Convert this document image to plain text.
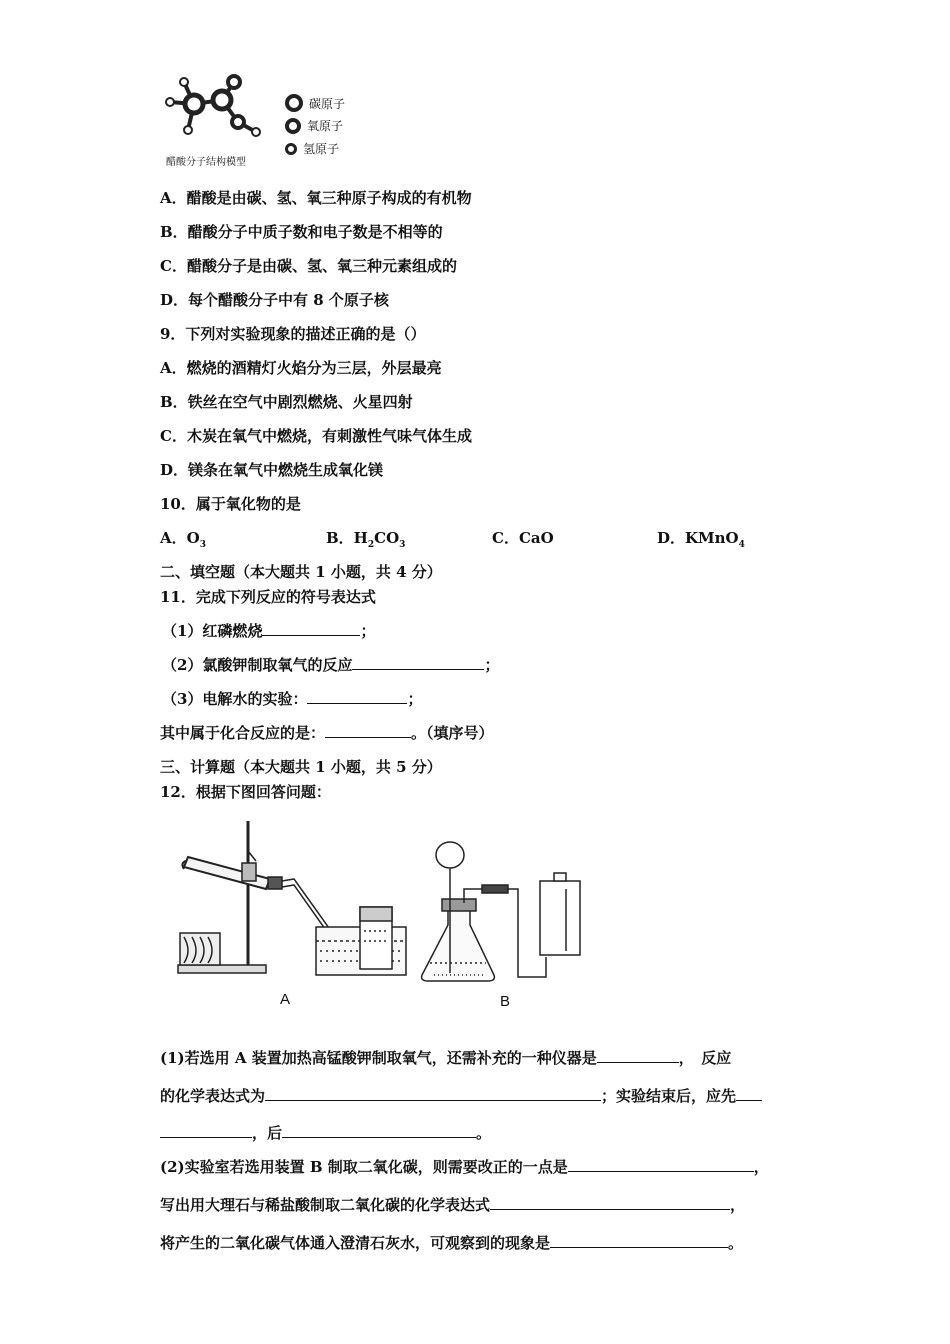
醋酸分子结构模型
碳原子
氧原子
氢原子
A．醋酸是由碳、氢、氧三种原子构成的有机物
B．醋酸分子中质子数和电子数是不相等的
C．醋酸分子是由碳、氢、氧三种元素组成的
D．每个醋酸分子中有 8 个原子核
9．下列对实验现象的描述正确的是（）
A．燃烧的酒精灯火焰分为三层，外层最亮
B．铁丝在空气中剧烈燃烧、火星四射
C．木炭在氧气中燃烧，有刺激性气味气体生成
D．镁条在氧气中燃烧生成氧化镁
10．属于氧化物的是
A．$O_3$	B．$H_2CO_3$	C．CaO	D．KMnO$_4$
二、填空题（本大题共 1 小题，共 4 分）
11．完成下列反应的符号表达式
（1）红磷燃烧	；
（2）氯酸钾制取氧气的反应	；
（3）电解水的实验：	；
其中属于化合反应的是：	。（填序号）
三、计算题（本大题共 1 小题，共 5 分）
12．根据下图回答问题：
A	B
(1)若选用 A 装置加热高锰酸钾制取氧气，还需补充的一种仪器是	，　反应
的化学表达式为	；实验结束后，应先
，后	。
(2)实验室若选用装置 B 制取二氧化碳，则需要改正的一点是	，
写出用大理石与稀盐酸制取二氧化碳的化学表达式	，
将产生的二氧化碳气体通入澄清石灰水，可观察到的现象是	。
